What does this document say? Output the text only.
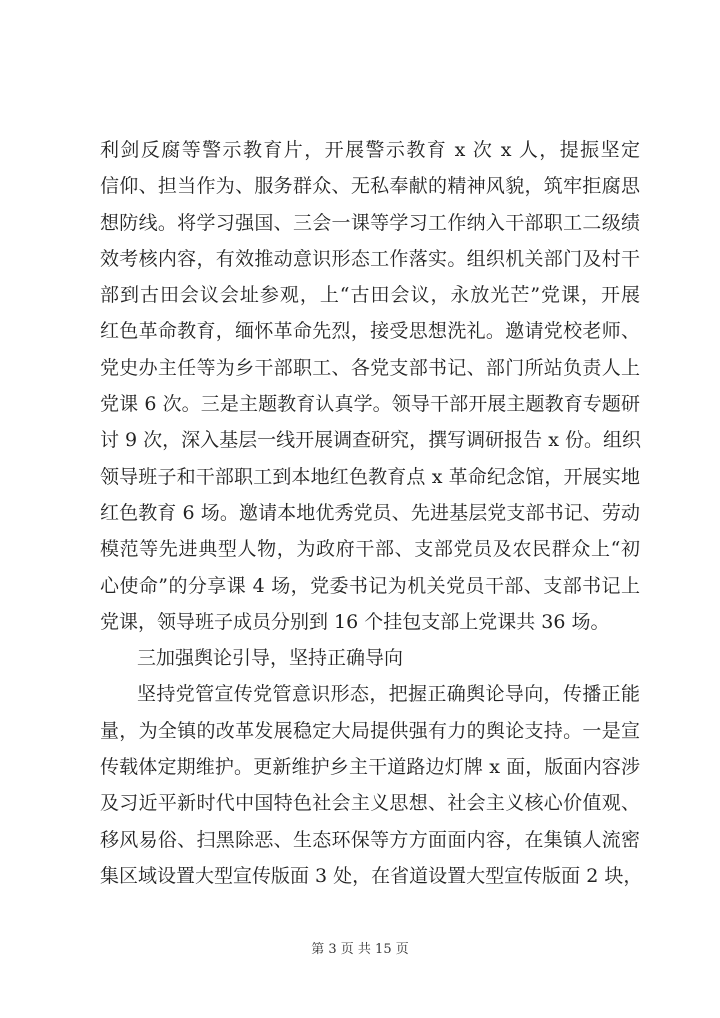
利剑反腐等警示教育片，开展警示教育 x 次 x 人，提振坚定
信仰、担当作为、服务群众、无私奉献的精神风貌，筑牢拒腐思
想防线。将学习强国、三会一课等学习工作纳入干部职工二级绩
效考核内容，有效推动意识形态工作落实。组织机关部门及村干
部到古田会议会址参观，上“古田会议，永放光芒”党课，开展
红色革命教育，缅怀革命先烈，接受思想洗礼。邀请党校老师、
党史办主任等为乡干部职工、各党支部书记、部门所站负责人上
党课 6 次。三是主题教育认真学。领导干部开展主题教育专题研
讨 9 次，深入基层一线开展调查研究，撰写调研报告 x 份。组织
领导班子和干部职工到本地红色教育点 x 革命纪念馆，开展实地
红色教育 6 场。邀请本地优秀党员、先进基层党支部书记、劳动
模范等先进典型人物，为政府干部、支部党员及农民群众上“初
心使命”的分享课 4 场，党委书记为机关党员干部、支部书记上
党课，领导班子成员分别到 16 个挂包支部上党课共 36 场。
三加强舆论引导，坚持正确导向
坚持党管宣传党管意识形态，把握正确舆论导向，传播正能
量，为全镇的改革发展稳定大局提供强有力的舆论支持。一是宣
传载体定期维护。更新维护乡主干道路边灯牌 x 面，版面内容涉
及习近平新时代中国特色社会主义思想、社会主义核心价值观、
移风易俗、扫黑除恶、生态环保等方方面面内容，在集镇人流密
集区域设置大型宣传版面 3 处，在省道设置大型宣传版面 2 块，
第 3 页 共 15 页
